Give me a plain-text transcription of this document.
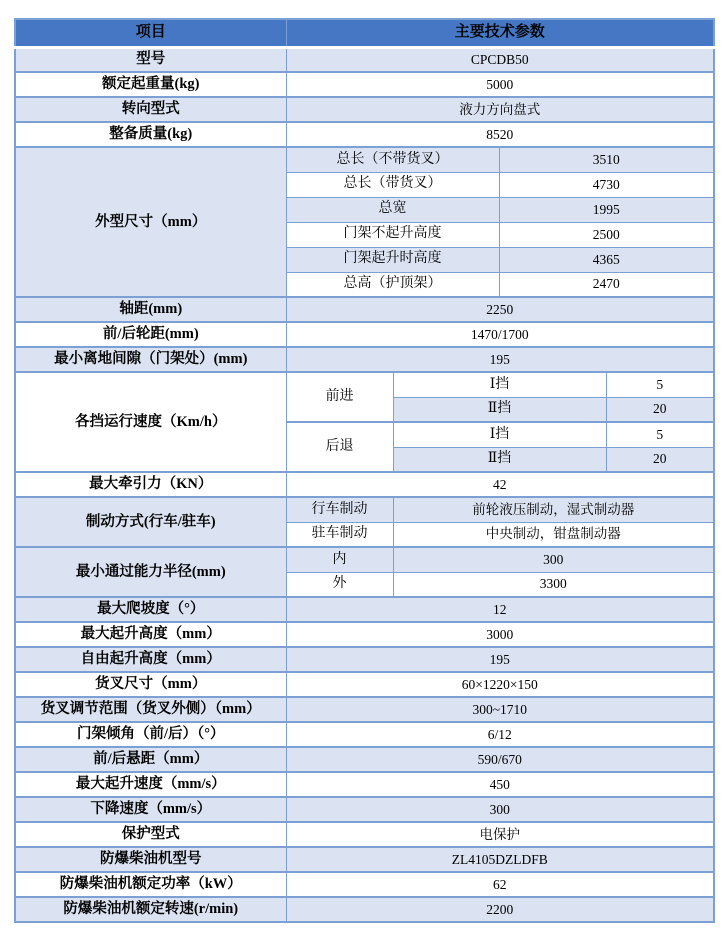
项目	主要技术参数			
型号	CPCDB50			
额定起重量(kg)	5000			
转向型式	液力方向盘式			
整备质量(kg)	8520			
外型尺寸（mm）	总长（不带货叉）		3510	
	总长（带货叉）		4730	
	总宽		1995	
	门架不起升高度		2500	
	门架起升时高度		4365	
	总高（护顶架）		2470	
轴距(mm)	2250			
前/后轮距(mm)	1470/1700			
最小离地间隙（门架处）(mm)	195			
各挡运行速度（Km/h）	前进	Ⅰ挡		5
		Ⅱ挡		20
	后退	Ⅰ挡		5
		Ⅱ挡		20
最大牵引力（KN）	42			
制动方式(行车/驻车)	行车制动	前轮液压制动，湿式制动器		
	驻车制动	中央制动，钳盘制动器		
最小通过能力半径(mm)	内	300		
	外	3300		
最大爬坡度（°）	12			
最大起升高度（mm）	3000			
自由起升高度（mm）	195			
货叉尺寸（mm）	60×1220×150			
货叉调节范围（货叉外侧）（mm）	300~1710			
门架倾角（前/后）（°）	6/12			
前/后悬距（mm）	590/670			
最大起升速度（mm/s）	450			
下降速度（mm/s）	300			
保护型式	电保护			
防爆柴油机型号	ZL4105DZLDFB			
防爆柴油机额定功率（kW）	62			
防爆柴油机额定转速(r/min)	2200			
